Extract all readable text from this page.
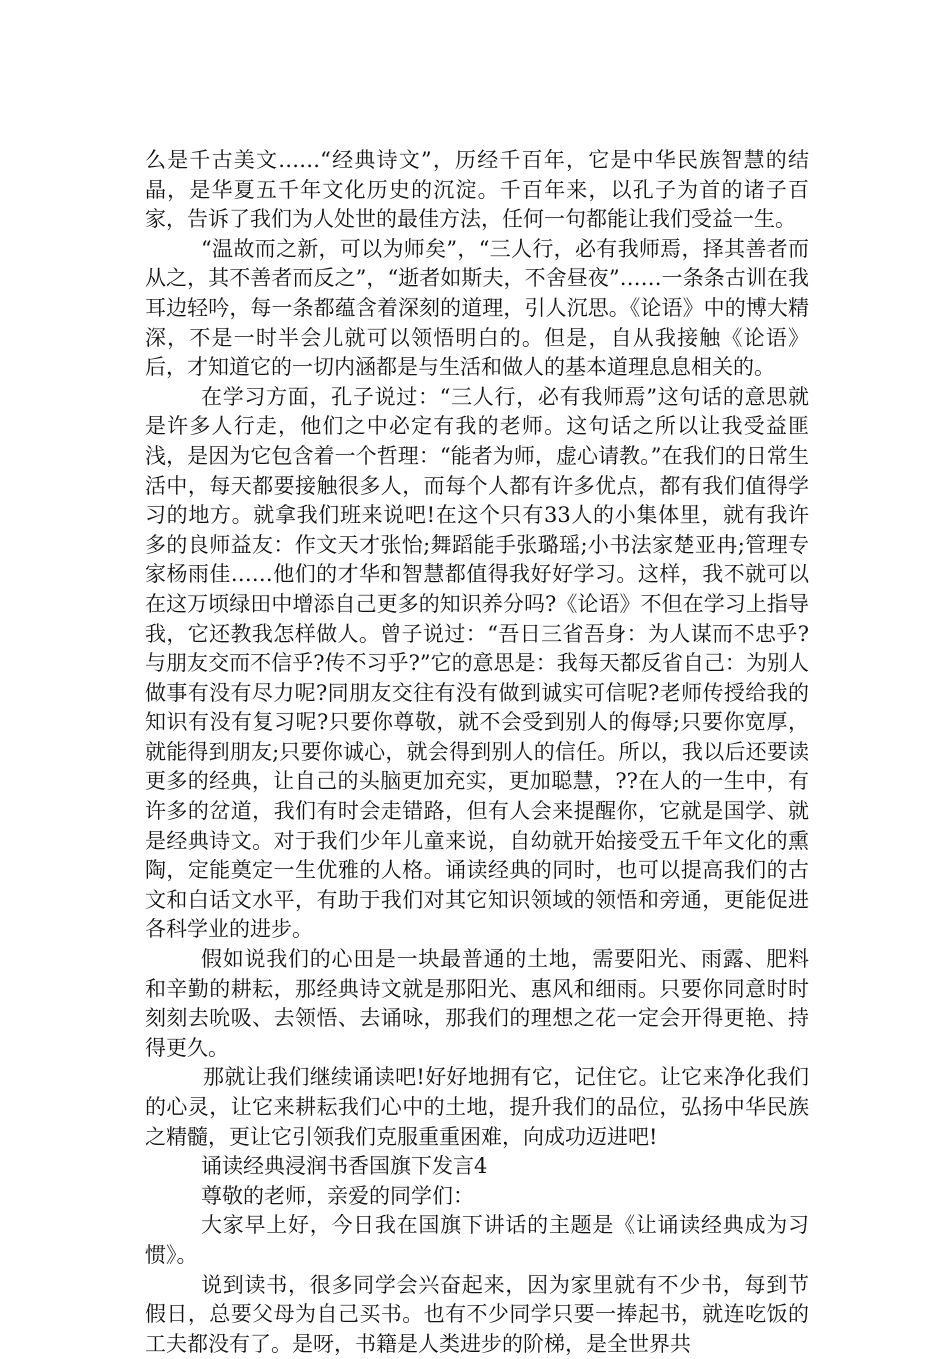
么是千古美文……“经典诗文”，历经千百年，它是中华民族智慧的结晶，是华夏五千年文化历史的沉淀。千百年来，以孔子为首的诸子百家，告诉了我们为人处世的最佳方法，任何一句都能让我们受益一生。

“温故而之新，可以为师矣”，“三人行，必有我师焉，择其善者而从之，其不善者而反之”，“逝者如斯夫，不舍昼夜”……一条条古训在我耳边轻吟，每一条都蕴含着深刻的道理，引人沉思。《论语》中的博大精深，不是一时半会儿就可以领悟明白的。但是，自从我接触《论语》后，才知道它的一切内涵都是与生活和做人的基本道理息息相关的。

在学习方面，孔子说过：“三人行，必有我师焉”这句话的意思就是许多人行走，他们之中必定有我的老师。这句话之所以让我受益匪浅，是因为它包含着一个哲理：“能者为师，虚心请教。”在我们的日常生活中，每天都要接触很多人，而每个人都有许多优点，都有我们值得学习的地方。就拿我们班来说吧!在这个只有33人的小集体里，就有我许多的良师益友：作文天才张怡;舞蹈能手张璐瑶;小书法家楚亚冉;管理专家杨雨佳……他们的才华和智慧都值得我好好学习。这样，我不就可以在这万顷绿田中增添自己更多的知识养分吗?《论语》不但在学习上指导我，它还教我怎样做人。曾子说过：“吾日三省吾身：为人谋而不忠乎?与朋友交而不信乎?传不习乎?”它的意思是：我每天都反省自己：为别人做事有没有尽力呢?同朋友交往有没有做到诚实可信呢?老师传授给我的知识有没有复习呢?只要你尊敬，就不会受到别人的侮辱;只要你宽厚，就能得到朋友;只要你诚心，就会得到别人的信任。所以，我以后还要读更多的经典，让自己的头脑更加充实，更加聪慧，??在人的一生中，有许多的岔道，我们有时会走错路，但有人会来提醒你，它就是国学、就是经典诗文。对于我们少年儿童来说，自幼就开始接受五千年文化的熏陶，定能奠定一生优雅的人格。诵读经典的同时，也可以提高我们的古文和白话文水平，有助于我们对其它知识领域的领悟和旁通，更能促进各科学业的进步。

假如说我们的心田是一块最普通的土地，需要阳光、雨露、肥料和辛勤的耕耘，那经典诗文就是那阳光、惠风和细雨。只要你同意时时刻刻去吮吸、去领悟、去诵咏，那我们的理想之花一定会开得更艳、持得更久。

那就让我们继续诵读吧!好好地拥有它，记住它。让它来净化我们的心灵，让它来耕耘我们心中的土地，提升我们的品位，弘扬中华民族之精髓，更让它引领我们克服重重困难，向成功迈进吧!

诵读经典浸润书香国旗下发言4

尊敬的老师，亲爱的同学们：

大家早上好，今日我在国旗下讲话的主题是《让诵读经典成为习惯》。

说到读书，很多同学会兴奋起来，因为家里就有不少书，每到节假日，总要父母为自己买书。也有不少同学只要一捧起书，就连吃饭的工夫都没有了。是呀，书籍是人类进步的阶梯，是全世界共
